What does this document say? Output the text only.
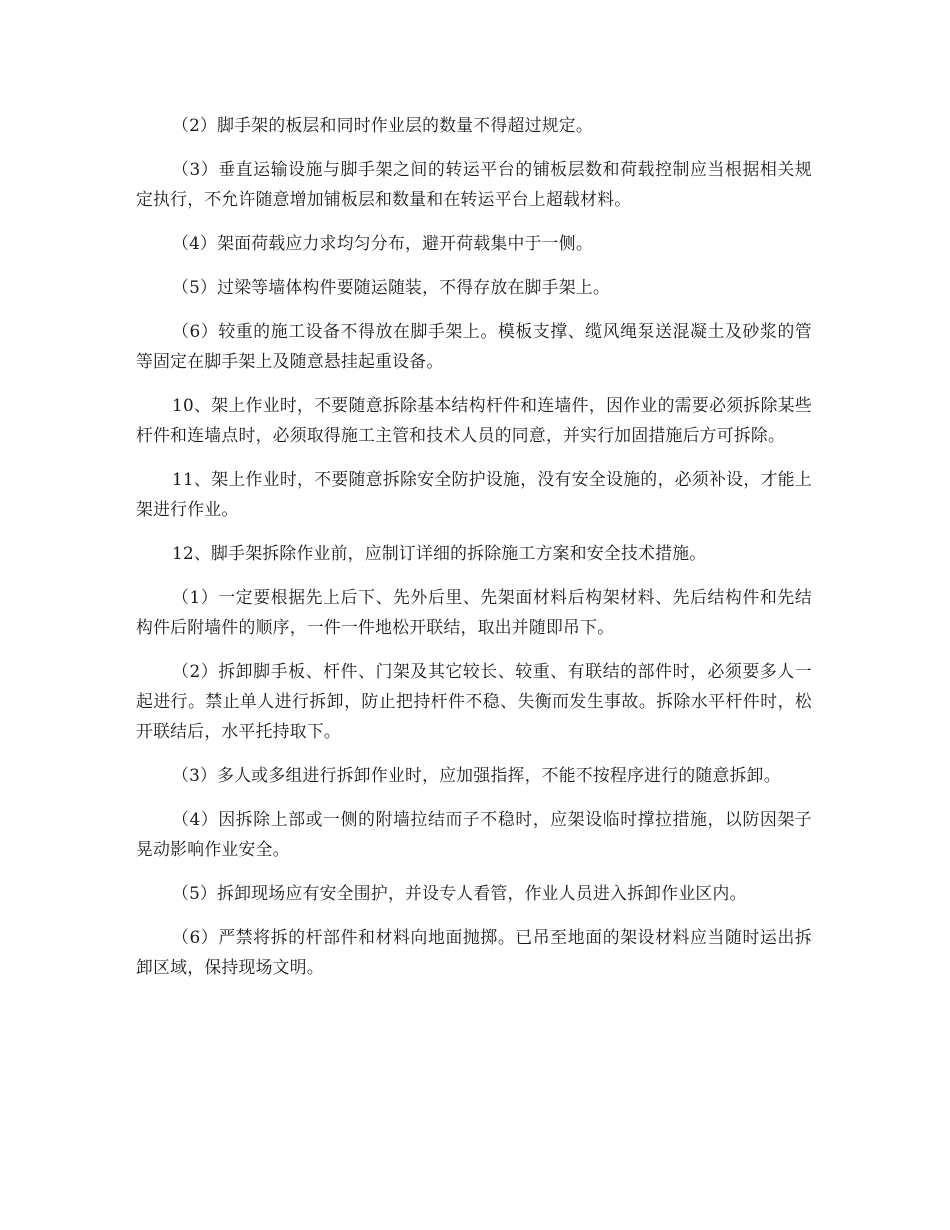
（2）脚手架的板层和同时作业层的数量不得超过规定。

（3）垂直运输设施与脚手架之间的转运平台的铺板层数和荷载控制应当根据相关规定执行，不允许随意增加铺板层和数量和在转运平台上超载材料。

（4）架面荷载应力求均匀分布，避开荷载集中于一侧。

（5）过梁等墙体构件要随运随装，不得存放在脚手架上。

（6）较重的施工设备不得放在脚手架上。模板支撑、缆风绳泵送混凝土及砂浆的管等固定在脚手架上及随意悬挂起重设备。

10、架上作业时，不要随意拆除基本结构杆件和连墙件，因作业的需要必须拆除某些杆件和连墙点时，必须取得施工主管和技术人员的同意，并实行加固措施后方可拆除。

11、架上作业时，不要随意拆除安全防护设施，没有安全设施的，必须补设，才能上架进行作业。

12、脚手架拆除作业前，应制订详细的拆除施工方案和安全技术措施。

（1）一定要根据先上后下、先外后里、先架面材料后构架材料、先后结构件和先结构件后附墙件的顺序，一件一件地松开联结，取出并随即吊下。

（2）拆卸脚手板、杆件、门架及其它较长、较重、有联结的部件时，必须要多人一起进行。禁止单人进行拆卸，防止把持杆件不稳、失衡而发生事故。拆除水平杆件时，松开联结后，水平托持取下。

（3）多人或多组进行拆卸作业时，应加强指挥，不能不按程序进行的随意拆卸。

（4）因拆除上部或一侧的附墙拉结而子不稳时，应架设临时撑拉措施，以防因架子晃动影响作业安全。

（5）拆卸现场应有安全围护，并设专人看管，作业人员进入拆卸作业区内。

（6）严禁将拆的杆部件和材料向地面抛掷。已吊至地面的架设材料应当随时运出拆卸区域，保持现场文明。
